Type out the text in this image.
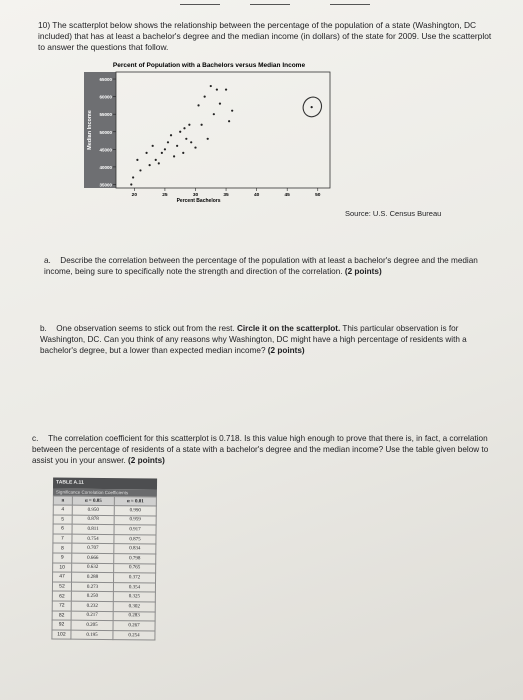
10) The scatterplot below shows the relationship between the percentage of the population of a state (Washington, DC included) that has at least a bachelor's degree and the median income (in dollars) of the state for 2009. Use the scatterplot to answer the questions that follow.
Percent of Population with a Bachelors versus Median Income
Median Income
Percent Bachelors
35000
40000
45000
50000
55000
60000
65000
20	25	30	35	40	45	50
Source: U.S. Census Bureau
a. Describe the correlation between the percentage of the population with at least a bachelor's degree and the median income, being sure to specifically note the strength and direction of the correlation. (2 points)
b. One observation seems to stick out from the rest. Circle it on the scatterplot. This particular observation is for Washington, DC. Can you think of any reasons why Washington, DC might have a high percentage of residents with a bachelor's degree, but a lower than expected median income? (2 points)
c. The correlation coefficient for this scatterplot is 0.718. Is this value high enough to prove that there is, in fact, a correlation between the percentage of residents of a state with a bachelor's degree and the median income? Use the table given below to assist you in your answer. (2 points)
TABLE A.11
Significance Correlation Coefficients
n	α = 0.05	α = 0.01
4	0.950	0.990
5	0.878	0.959
6	0.811	0.917
7	0.754	0.875
8	0.707	0.834
9	0.666	0.798
10	0.632	0.765
47	0.288	0.372
52	0.273	0.354
62	0.250	0.325
72	0.232	0.302
82	0.217	0.283
92	0.205	0.267
102	0.195	0.254
